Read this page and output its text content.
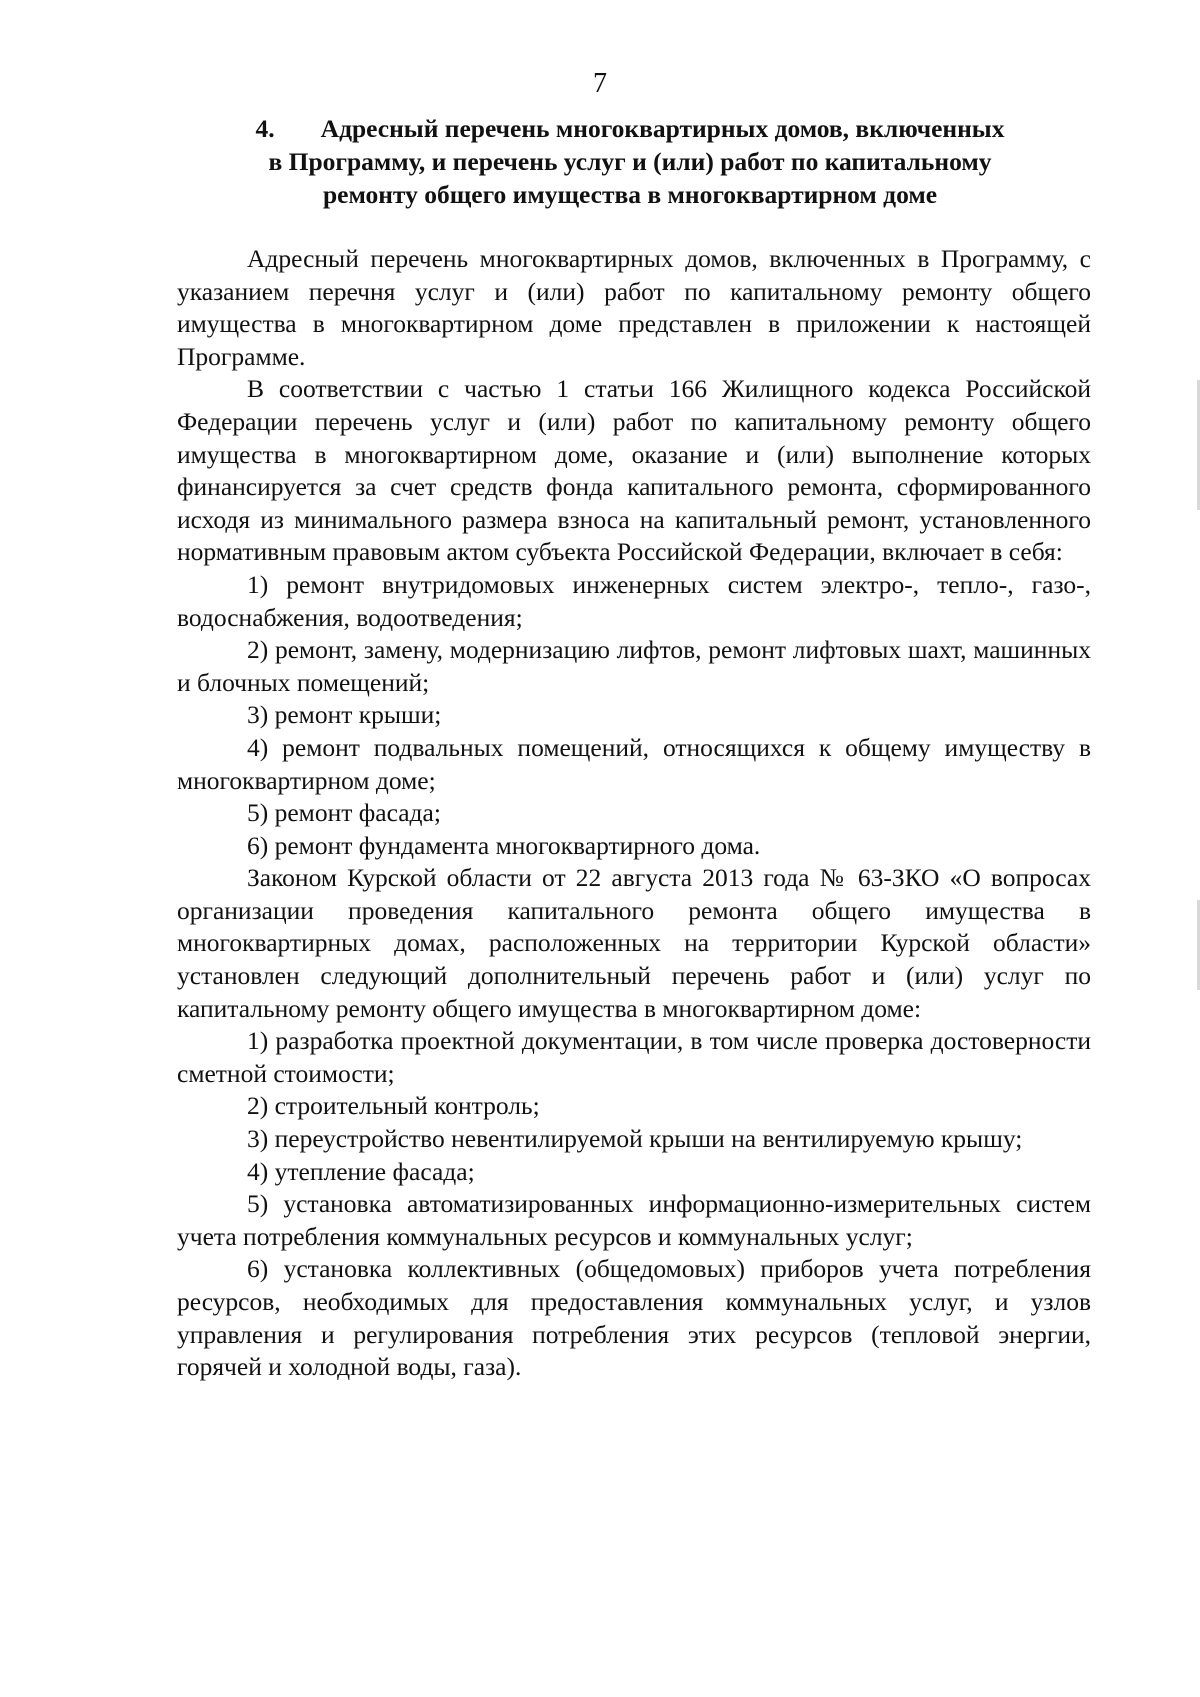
7
4. Адресный перечень многоквартирных домов, включенных
в Программу, и перечень услуг и (или) работ по капитальному
ремонту общего имущества в многоквартирном доме

Адресный перечень многоквартирных домов, включенных в Программу, с указанием перечня услуг и (или) работ по капитальному ремонту общего имущества в многоквартирном доме представлен в приложении к настоящей Программе.

В соответствии с частью 1 статьи 166 Жилищного кодекса Российской Федерации перечень услуг и (или) работ по капитальному ремонту общего имущества в многоквартирном доме, оказание и (или) выполнение которых финансируется за счет средств фонда капитального ремонта, сформированного исходя из минимального размера взноса на капитальный ремонт, установленного нормативным правовым актом субъекта Российской Федерации, включает в себя:

1) ремонт внутридомовых инженерных систем электро-, тепло-, газо-, водоснабжения, водоотведения;

2) ремонт, замену, модернизацию лифтов, ремонт лифтовых шахт, машинных и блочных помещений;

3) ремонт крыши;

4) ремонт подвальных помещений, относящихся к общему имуществу в многоквартирном доме;

5) ремонт фасада;

6) ремонт фундамента многоквартирного дома.

Законом Курской области от 22 августа 2013 года № 63-ЗКО «О вопросах организации проведения капитального ремонта общего имущества в многоквартирных домах, расположенных на территории Курской области» установлен следующий дополнительный перечень работ и (или) услуг по капитальному ремонту общего имущества в многоквартирном доме:

1) разработка проектной документации, в том числе проверка достоверности сметной стоимости;

2) строительный контроль;

3) переустройство невентилируемой крыши на вентилируемую крышу;

4) утепление фасада;

5) установка автоматизированных информационно-измерительных систем учета потребления коммунальных ресурсов и коммунальных услуг;

6) установка коллективных (общедомовых) приборов учета потребления ресурсов, необходимых для предоставления коммунальных услуг, и узлов управления и регулирования потребления этих ресурсов (тепловой энергии, горячей и холодной воды, газа).
